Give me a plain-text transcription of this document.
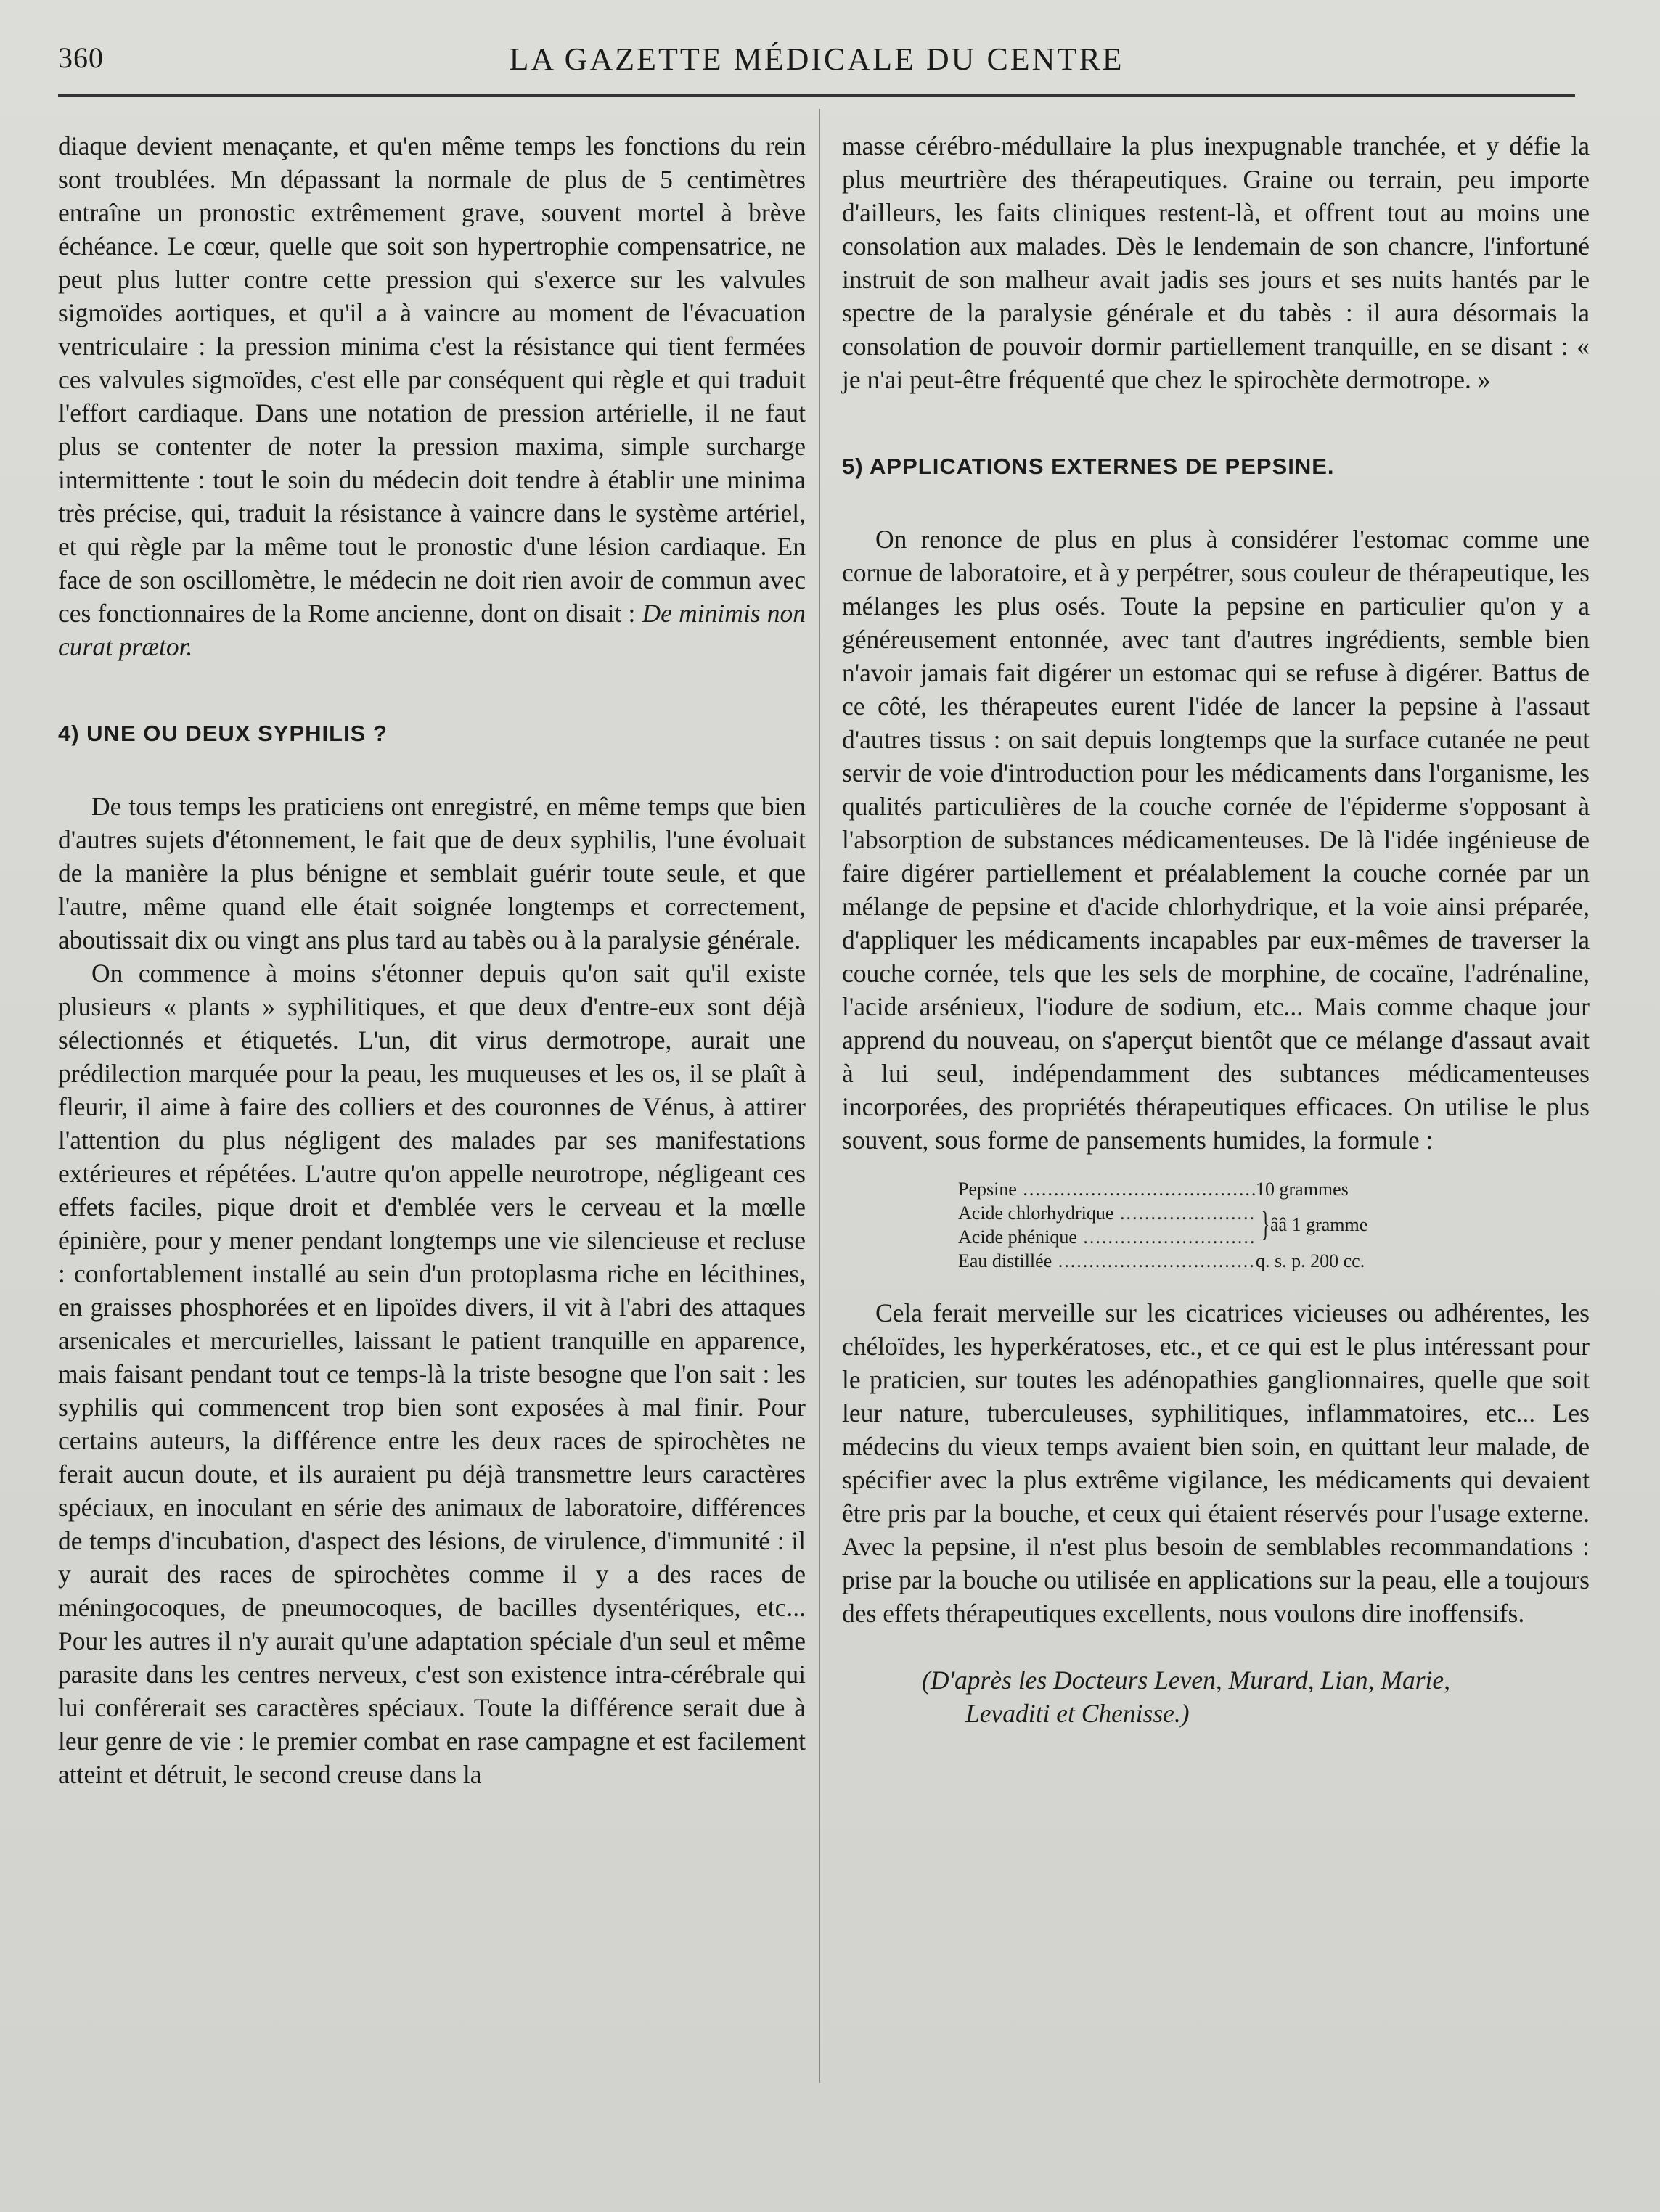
360	LA GAZETTE MÉDICALE DU CENTRE

diaque devient menaçante, et qu'en même temps les fonctions du rein sont troublées. Mn dépassant la normale de plus de 5 centimètres entraîne un pronostic extrêmement grave, souvent mortel à brève échéance. Le cœur, quelle que soit son hypertrophie compensatrice, ne peut plus lutter contre cette pression qui s'exerce sur les valvules sigmoïdes aortiques, et qu'il a à vaincre au moment de l'évacuation ventriculaire : la pression minima c'est la résistance qui tient fermées ces valvules sigmoïdes, c'est elle par conséquent qui règle et qui traduit l'effort cardiaque. Dans une notation de pression artérielle, il ne faut plus se contenter de noter la pression maxima, simple surcharge intermittente : tout le soin du médecin doit tendre à établir une minima très précise, qui, traduit la résistance à vaincre dans le système artériel, et qui règle par la même tout le pronostic d'une lésion cardiaque. En face de son oscillomètre, le médecin ne doit rien avoir de commun avec ces fonctionnaires de la Rome ancienne, dont on disait : De minimis non curat prætor.

4) UNE OU DEUX SYPHILIS ?

De tous temps les praticiens ont enregistré, en même temps que bien d'autres sujets d'étonnement, le fait que de deux syphilis, l'une évoluait de la manière la plus bénigne et semblait guérir toute seule, et que l'autre, même quand elle était soignée longtemps et correctement, aboutissait dix ou vingt ans plus tard au tabès ou à la paralysie générale.

On commence à moins s'étonner depuis qu'on sait qu'il existe plusieurs « plants » syphilitiques, et que deux d'entre-eux sont déjà sélectionnés et étiquetés. L'un, dit virus dermotrope, aurait une prédilection marquée pour la peau, les muqueuses et les os, il se plaît à fleurir, il aime à faire des colliers et des couronnes de Vénus, à attirer l'attention du plus négligent des malades par ses manifestations extérieures et répétées. L'autre qu'on appelle neurotrope, négligeant ces effets faciles, pique droit et d'emblée vers le cerveau et la mœlle épinière, pour y mener pendant longtemps une vie silencieuse et recluse : confortablement installé au sein d'un protoplasma riche en lécithines, en graisses phosphorées et en lipoïdes divers, il vit à l'abri des attaques arsenicales et mercurielles, laissant le patient tranquille en apparence, mais faisant pendant tout ce temps-là la triste besogne que l'on sait : les syphilis qui commencent trop bien sont exposées à mal finir. Pour certains auteurs, la différence entre les deux races de spirochètes ne ferait aucun doute, et ils auraient pu déjà transmettre leurs caractères spéciaux, en inoculant en série des animaux de laboratoire, différences de temps d'incubation, d'aspect des lésions, de virulence, d'immunité : il y aurait des races de spirochètes comme il y a des races de méningocoques, de pneumocoques, de bacilles dysentériques, etc... Pour les autres il n'y aurait qu'une adaptation spéciale d'un seul et même parasite dans les centres nerveux, c'est son existence intra-cérébrale qui lui conférerait ses caractères spéciaux. Toute la différence serait due à leur genre de vie : le premier combat en rase campagne et est facilement atteint et détruit, le second creuse dans la

masse cérébro-médullaire la plus inexpugnable tranchée, et y défie la plus meurtrière des thérapeutiques. Graine ou terrain, peu importe d'ailleurs, les faits cliniques restent-là, et offrent tout au moins une consolation aux malades. Dès le lendemain de son chancre, l'infortuné instruit de son malheur avait jadis ses jours et ses nuits hantés par le spectre de la paralysie générale et du tabès : il aura désormais la consolation de pouvoir dormir partiellement tranquille, en se disant : « je n'ai peut-être fréquenté que chez le spirochète dermotrope. »

5) APPLICATIONS EXTERNES DE PEPSINE.

On renonce de plus en plus à considérer l'estomac comme une cornue de laboratoire, et à y perpétrer, sous couleur de thérapeutique, les mélanges les plus osés. Toute la pepsine en particulier qu'on y a généreusement entonnée, avec tant d'autres ingrédients, semble bien n'avoir jamais fait digérer un estomac qui se refuse à digérer. Battus de ce côté, les thérapeutes eurent l'idée de lancer la pepsine à l'assaut d'autres tissus : on sait depuis longtemps que la surface cutanée ne peut servir de voie d'introduction pour les médicaments dans l'organisme, les qualités particulières de la couche cornée de l'épiderme s'opposant à l'absorption de substances médicamenteuses. De là l'idée ingénieuse de faire digérer partiellement et préalablement la couche cornée par un mélange de pepsine et d'acide chlorhydrique, et la voie ainsi préparée, d'appliquer les médicaments incapables par eux-mêmes de traverser la couche cornée, tels que les sels de morphine, de cocaïne, l'adrénaline, l'acide arsénieux, l'iodure de sodium, etc... Mais comme chaque jour apprend du nouveau, on s'aperçut bientôt que ce mélange d'assaut avait à lui seul, indépendamment des subtances médicamenteuses incorporées, des propriétés thérapeutiques efficaces. On utilise le plus souvent, sous forme de pansements humides, la formule :

Pepsine .....	10 grammes
Acide chlorhydrique .....
Acide phénique .....	} ââ 1 gramme
Eau distillée .....	q. s. p. 200 cc.

Cela ferait merveille sur les cicatrices vicieuses ou adhérentes, les chéloïdes, les hyperkératoses, etc., et ce qui est le plus intéressant pour le praticien, sur toutes les adénopathies ganglionnaires, quelle que soit leur nature, tuberculeuses, syphilitiques, inflammatoires, etc... Les médecins du vieux temps avaient bien soin, en quittant leur malade, de spécifier avec la plus extrême vigilance, les médicaments qui devaient être pris par la bouche, et ceux qui étaient réservés pour l'usage externe. Avec la pepsine, il n'est plus besoin de semblables recommandations : prise par la bouche ou utilisée en applications sur la peau, elle a toujours des effets thérapeutiques excellents, nous voulons dire inoffensifs.

(D'après les Docteurs Leven, Murard, Lian, Marie,
Levaditi et Chenisse.)
